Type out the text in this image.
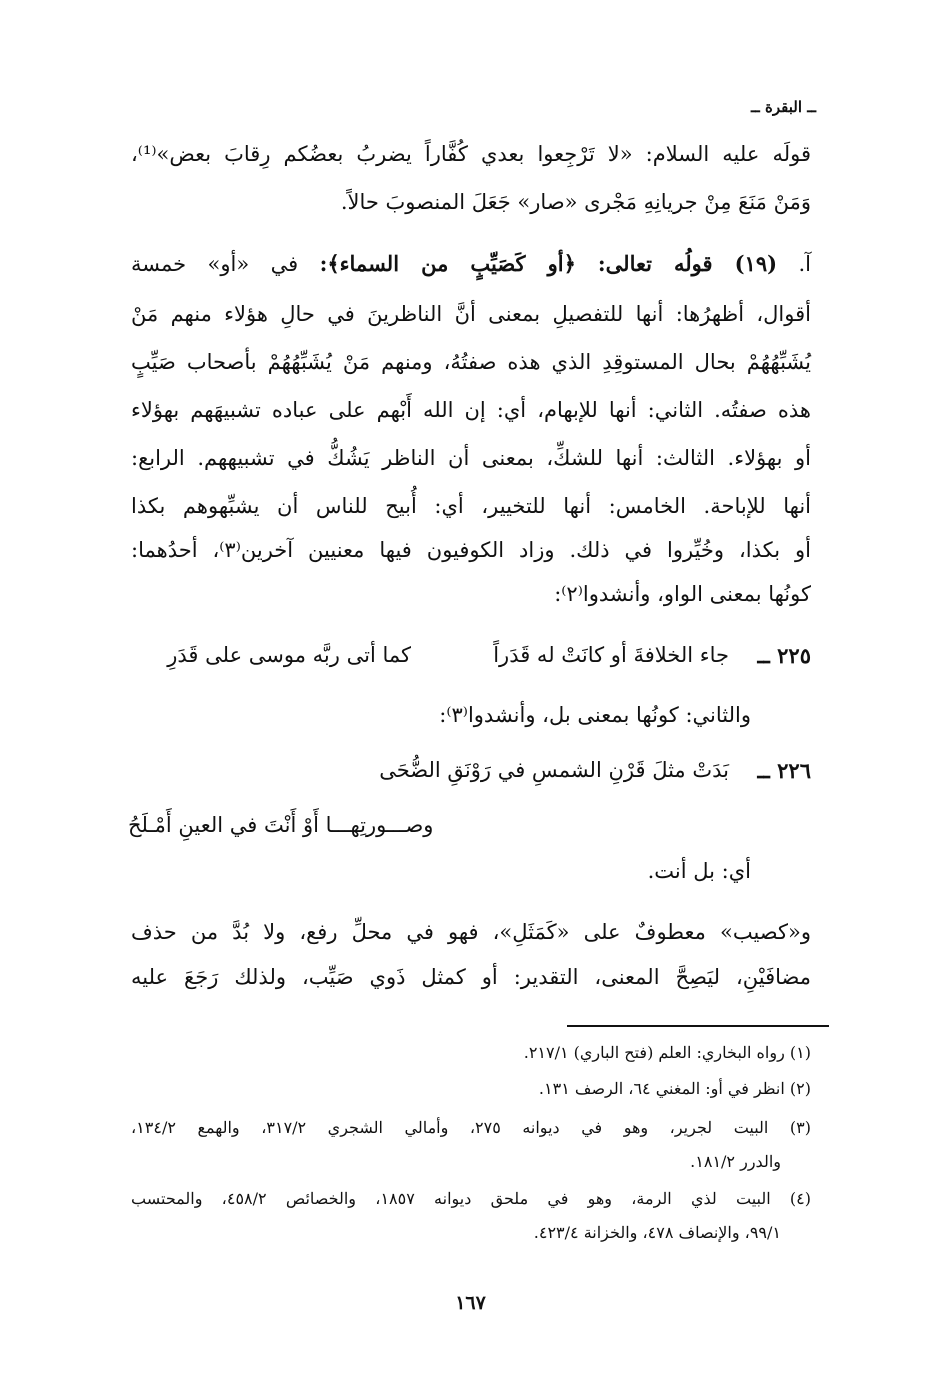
ــ البقرة ــ
قولَه عليه السلام: «لا تَرْجِعوا بعدي كُفَّاراً يضربُ بعضُكم رِقابَ بعض»⁽¹⁾،
وَمَنْ مَنَعَ مِنْ جريانِهِ مَجْرى «صار» جَعَلَ المنصوبَ حالاً.
آ. (١٩) قولُه تعالى: ﴿أو كَصَيِّبٍ من السماء﴾: في «أو» خمسة
أقوال، أظهرُها: أنها للتفصيلِ بمعنى أنَّ الناظرينَ في حالِ هؤلاء منهم مَنْ
يُشَبِّهُهُمْ بحال المستوقِدِ الذي هذه صفتُهُ، ومنهم مَنْ يُشَبِّهُهُمْ بأصحاب صَيِّبٍ
هذه صفتُه. الثاني: أنها للإبهام، أي: إن الله أَبْهم على عباده تشبيهَهم بهؤلاء
أو بهؤلاء. الثالث: أنها للشكِّ، بمعنى أن الناظر يَشُكُّ في تشبيههم. الرابع:
أنها للإباحة. الخامس: أنها للتخيير، أي: أُبيح للناس أن يشبِّهوهم بكذا
أو بكذا، وخُيِّروا في ذلك. وزاد الكوفيون فيها معنيين آخرين⁽٣⁾، أحدُهما:
كونُها بمعنى الواو، وأنشدوا⁽٢⁾:
٢٢٥ ــ
جاء الخلافةَ أو كانَتْ له قَدَراً
كما أتى ربَّه موسى على قَدَرِ
والثاني: كونُها بمعنى بل، وأنشدوا⁽٣⁾:
٢٢٦ ــ
بَدَتْ مثلَ قَرْنِ الشمسِ في رَوْنَقِ الضُّحَى
وصـــورتِهـــا أَوْ أَنْتَ في العينِ أَمْـلَحُ
أي: بل أنت.
و«كصيب» معطوفٌ على «كَمَثَلِ»، فهو في محلِّ رفع، ولا بُدَّ من حذف
مضافَيْنِ، ليَصِحَّ المعنى، التقدير: أو كمثل ذَوي صَيِّب، ولذلك رَجَعَ عليه
(١) رواه البخاري: العلم (فتح الباري) ٢١٧/١.
(٢) انظر في أو: المغني ٦٤، الرصف ١٣١.
(٣) البيت لجرير، وهو في ديوانه ٢٧٥، وأمالي الشجري ٣١٧/٢، والهمع ١٣٤/٢،
والدرر ١٨١/٢.
(٤) البيت لذي الرمة، وهو في ملحق ديوانه ١٨٥٧، والخصائص ٤٥٨/٢، والمحتسب
٩٩/١، والإنصاف ٤٧٨، والخزانة ٤٢٣/٤.
١٦٧
